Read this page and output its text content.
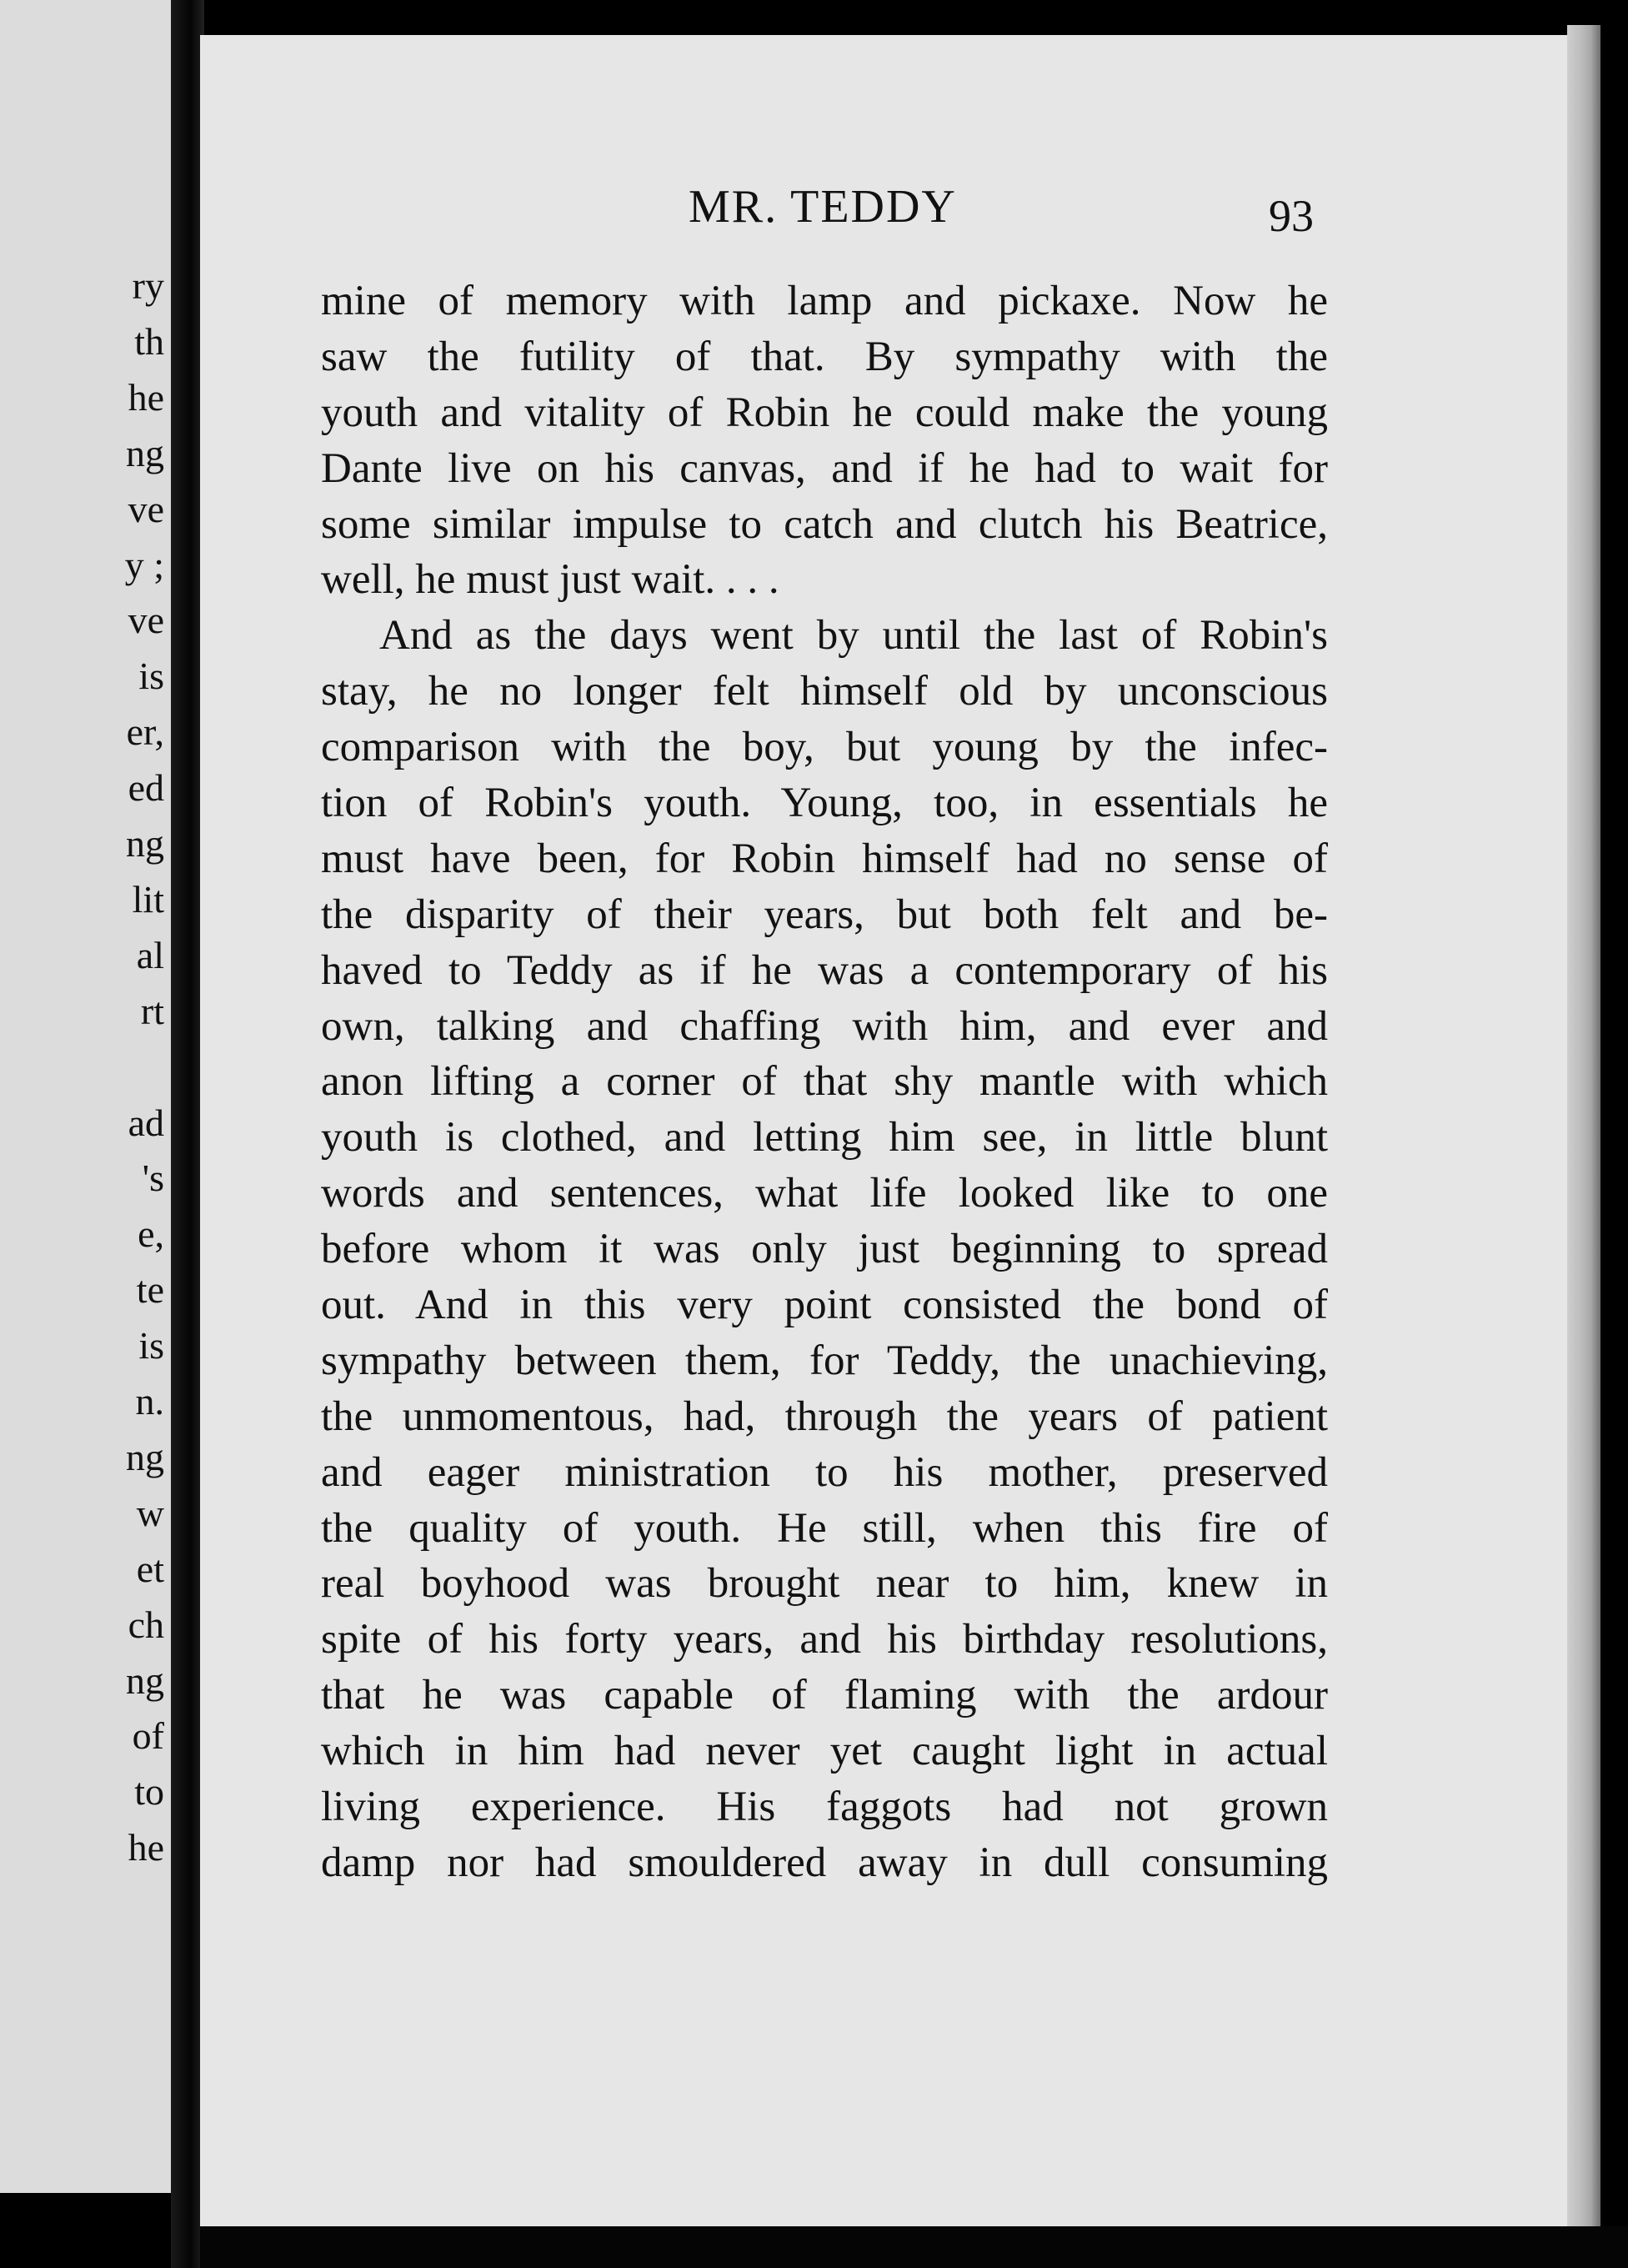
ry
th
he
ng
ve
y ;
ve
is
er,
ed
ng
lit
al
rt
ad
's
e,
te
is
n.
ng
w
et
ch
ng
of
to
he
MR. TEDDY	93
mine of memory with lamp and pickaxe. Now he
saw the futility of that. By sympathy with the
youth and vitality of Robin he could make the young
Dante live on his canvas, and if he had to wait for
some similar impulse to catch and clutch his Beatrice,
well, he must just wait. . . .
And as the days went by until the last of Robin's
stay, he no longer felt himself old by unconscious
comparison with the boy, but young by the infec-
tion of Robin's youth. Young, too, in essentials he
must have been, for Robin himself had no sense of
the disparity of their years, but both felt and be-
haved to Teddy as if he was a contemporary of his
own, talking and chaffing with him, and ever and
anon lifting a corner of that shy mantle with which
youth is clothed, and letting him see, in little blunt
words and sentences, what life looked like to one
before whom it was only just beginning to spread
out. And in this very point consisted the bond of
sympathy between them, for Teddy, the unachieving,
the unmomentous, had, through the years of patient
and eager ministration to his mother, preserved
the quality of youth. He still, when this fire of
real boyhood was brought near to him, knew in
spite of his forty years, and his birthday resolutions,
that he was capable of flaming with the ardour
which in him had never yet caught light in actual
living experience. His faggots had not grown
damp nor had smouldered away in dull consuming
